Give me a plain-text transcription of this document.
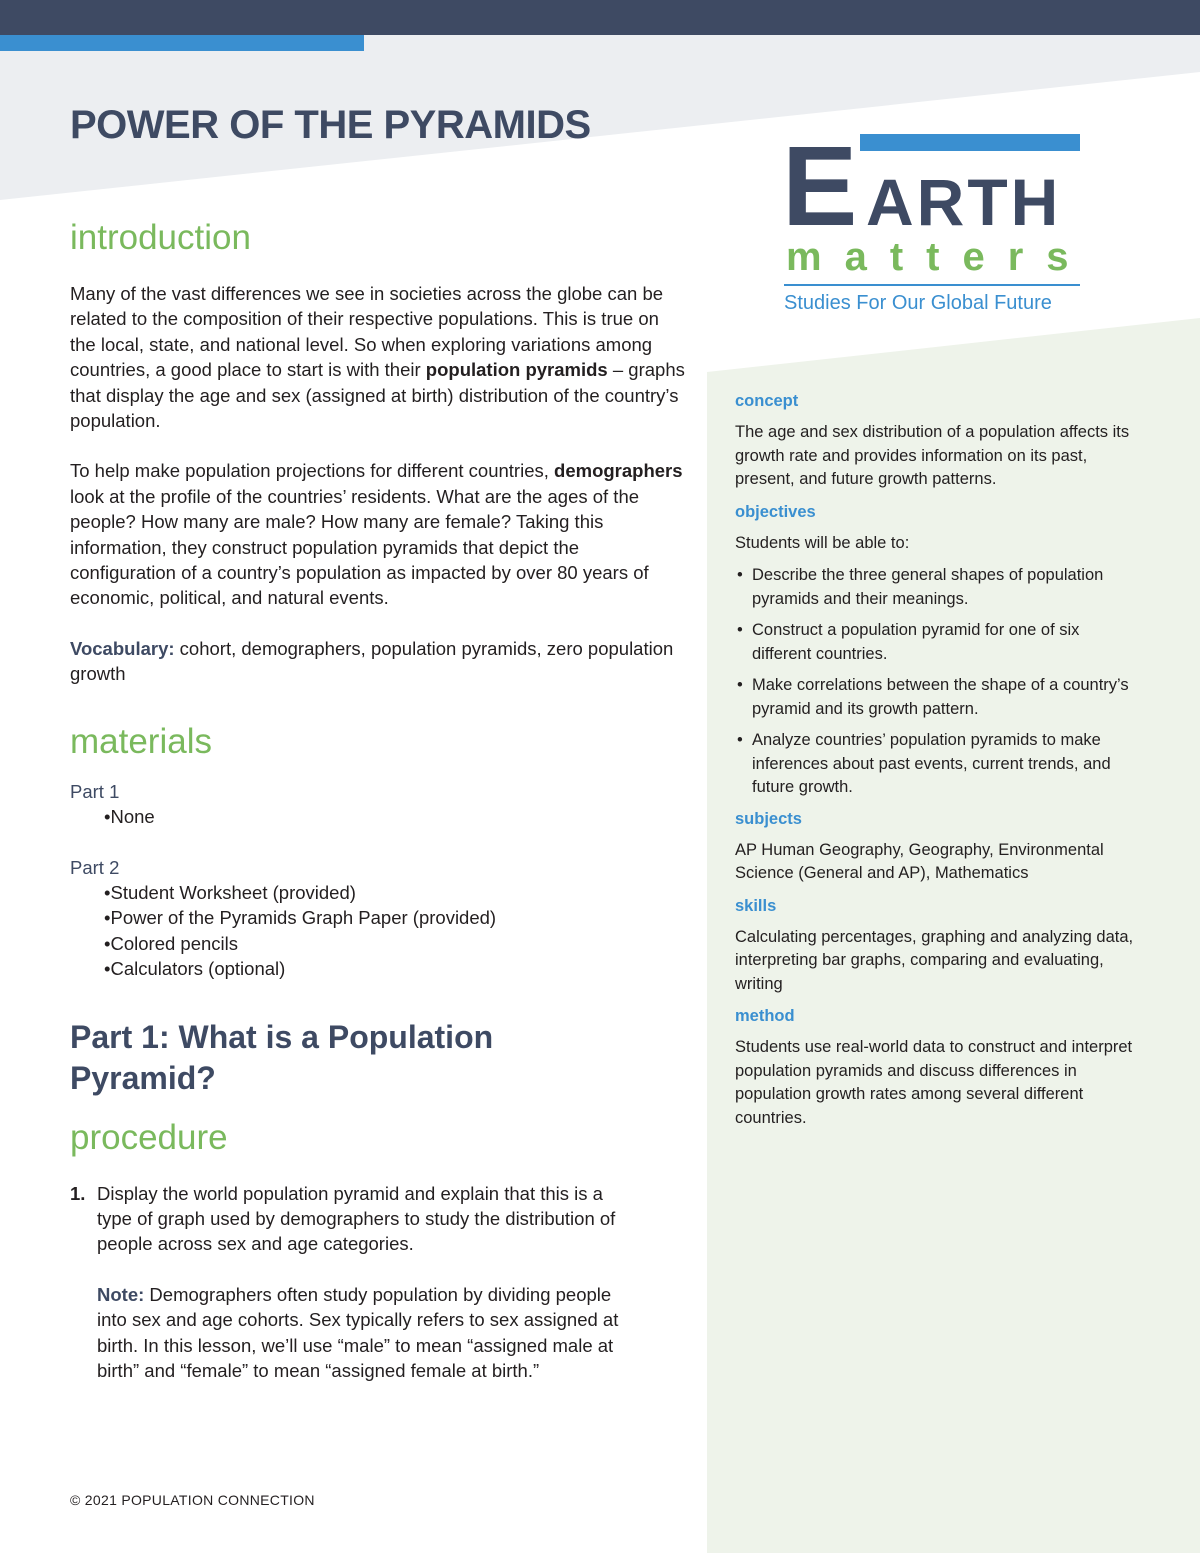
POWER OF THE PYRAMIDS E ARTH
matters
Studies For Our Global Future
introduction

Many of the vast differences we see in societies across the globe can be related to the composition of their respective populations. This is true on the local, state, and national level. So when exploring variations among countries, a good place to start is with their population pyramids – graphs that display the age and sex (assigned at birth) distribution of the country’s population.

To help make population projections for different countries, demographers look at the profile of the countries’ residents. What are the ages of the people? How many are male? How many are female? Taking this information, they construct population pyramids that depict the configuration of a country’s population as impacted by over 80 years of economic, political, and natural events.

Vocabulary: cohort, demographers, population pyramids, zero population growth

materials
Part 1
• None
Part 2
• Student Worksheet (provided)
• Power of the Pyramids Graph Paper (provided)
• Colored pencils
• Calculators (optional)
Part 1: What is a Population Pyramid?
procedure
1. Display the world population pyramid and explain that this is a type of graph used by demographers to study the distribution of people across sex and age categories.

Note: Demographers often study population by dividing people into sex and age cohorts. Sex typically refers to sex assigned at birth. In this lesson, we’ll use “male” to mean “assigned male at birth” and “female” to mean “assigned female at birth.”

© 2021 POPULATION CONNECTION
concept

The age and sex distribution of a population affects its growth rate and provides information on its past, present, and future growth patterns.

objectives

Students will be able to:

• Describe the three general shapes of population pyramids and their meanings.
• Construct a population pyramid for one of six different countries.
• Make correlations between the shape of a country’s pyramid and its growth pattern.
• Analyze countries’ population pyramids to make inferences about past events, current trends, and future growth.
subjects

AP Human Geography, Geography, Environmental Science (General and AP), Mathematics

skills

Calculating percentages, graphing and analyzing data, interpreting bar graphs, comparing and evaluating, writing

method

Students use real-world data to construct and interpret population pyramids and discuss differences in population growth rates among several different countries.
